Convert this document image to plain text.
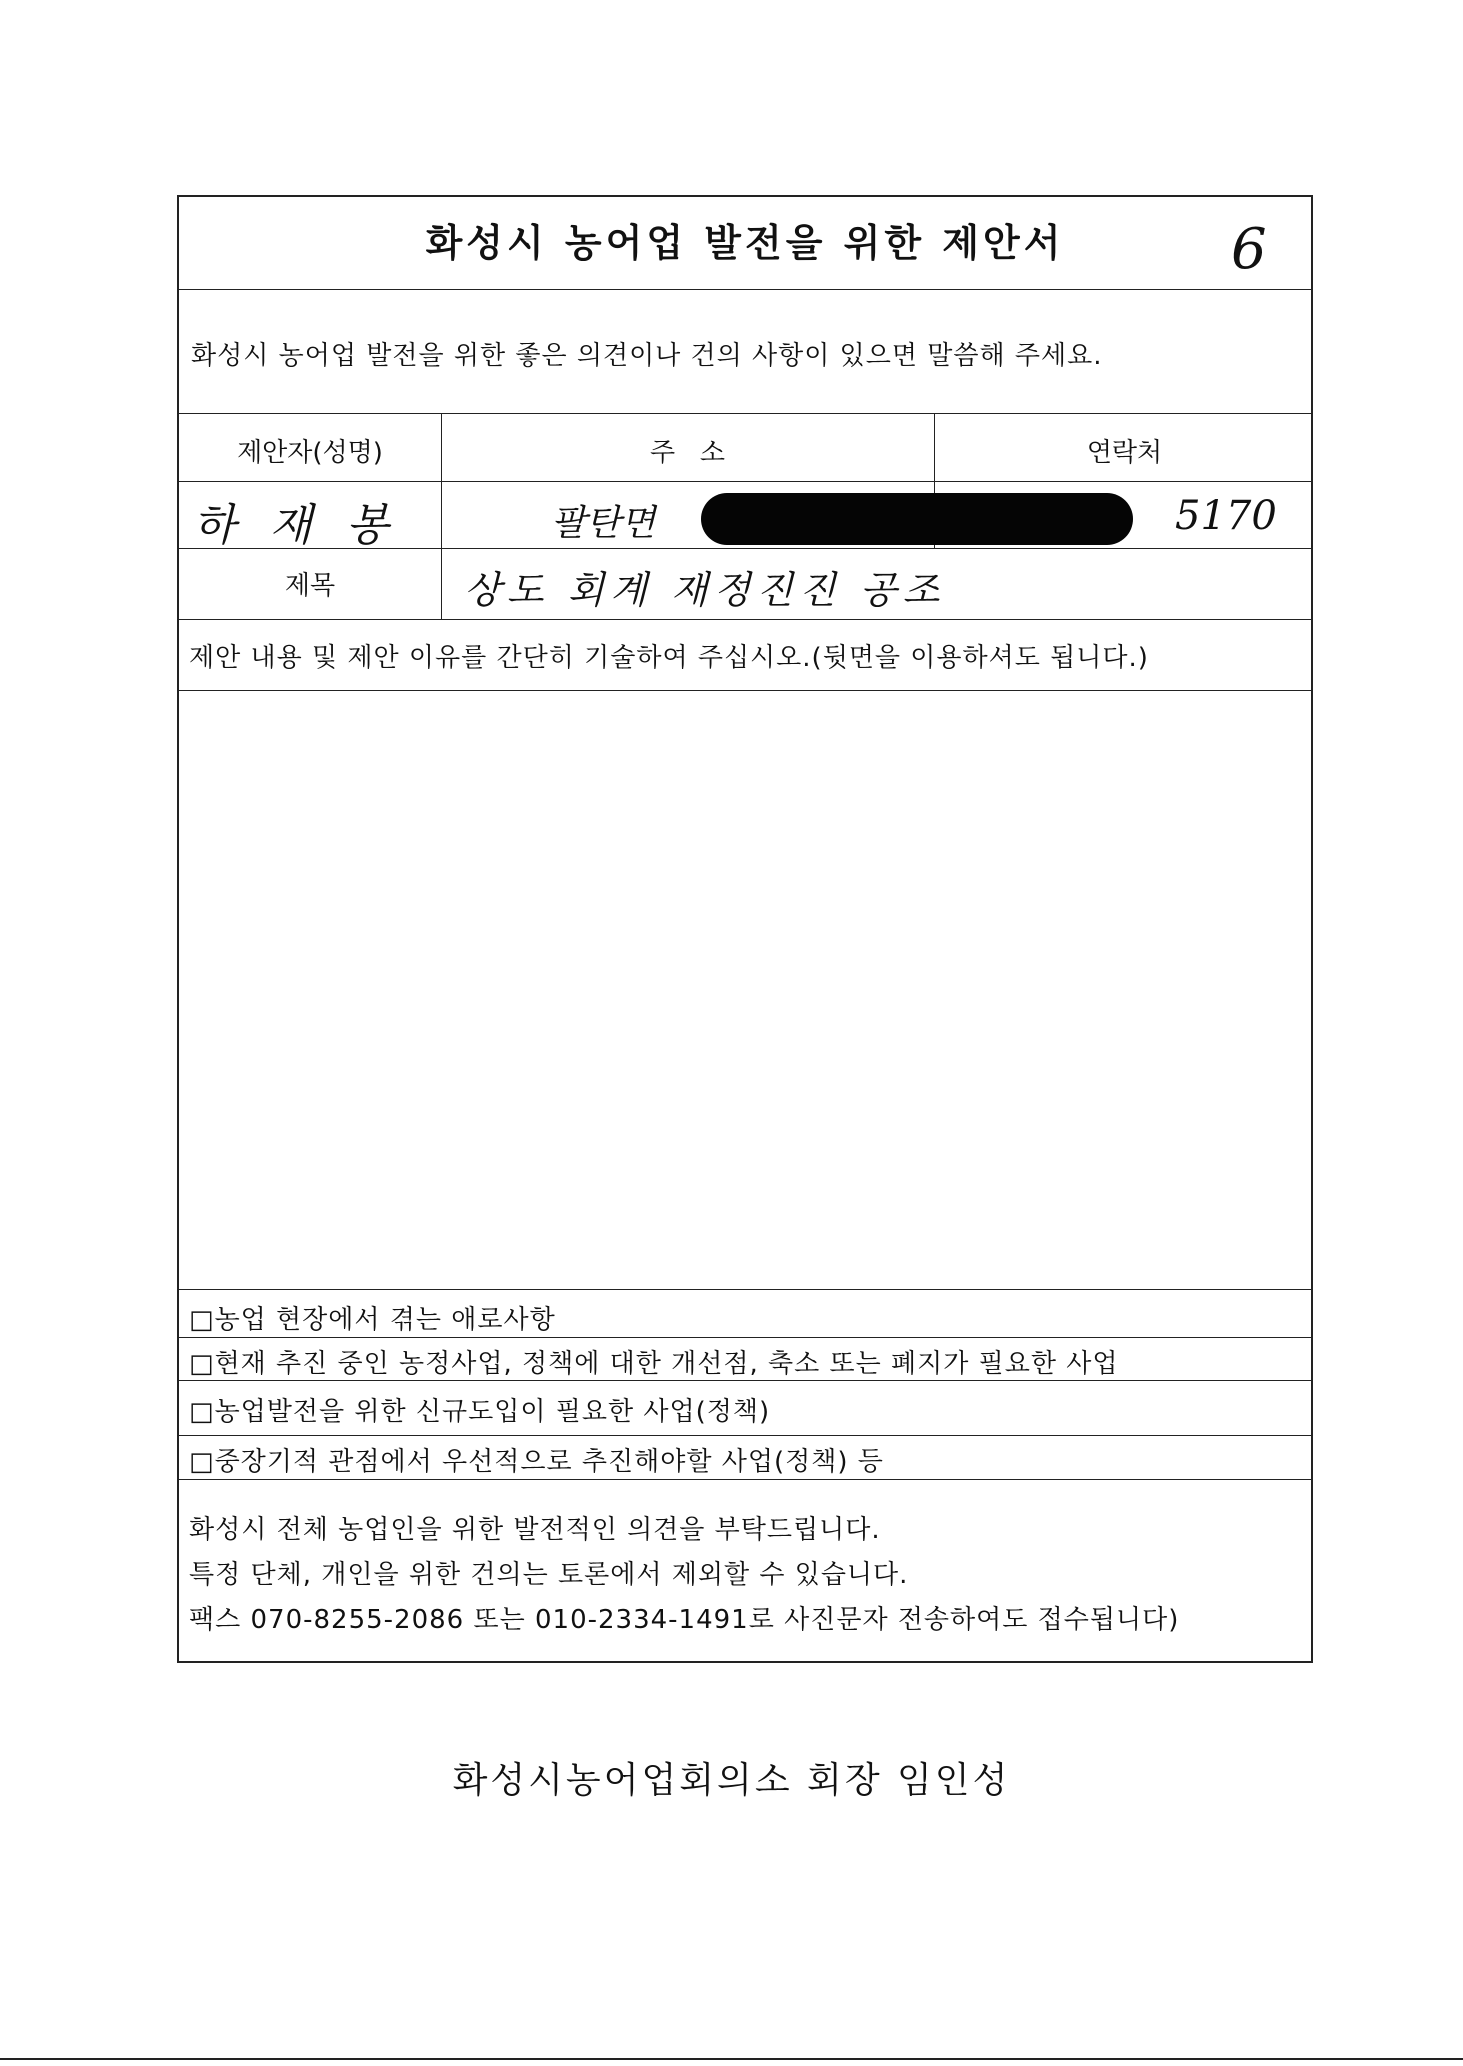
화성시 농어업 발전을 위한 제안서	6
화성시 농어업 발전을 위한 좋은 의견이나 건의 사항이 있으면 말씀해 주세요.
제안자(성명)	주   소	연락처
하 재 봉	팔탄면	5170
제목	상도 회계 재정진진 공조
제안 내용 및 제안 이유를 간단히 기술하여 주십시오.(뒷면을 이용하셔도 됩니다.)
□농업 현장에서 겪는 애로사항
□현재 추진 중인 농정사업, 정책에 대한 개선점, 축소 또는 폐지가 필요한 사업
□농업발전을 위한 신규도입이 필요한 사업(정책)
□중장기적 관점에서 우선적으로 추진해야할 사업(정책) 등
화성시 전체 농업인을 위한 발전적인 의견을 부탁드립니다.
특정 단체, 개인을 위한 건의는 토론에서 제외할 수 있습니다.
팩스 070-8255-2086 또는 010-2334-1491로 사진문자 전송하여도 접수됩니다)
화성시농어업회의소 회장 임인성
